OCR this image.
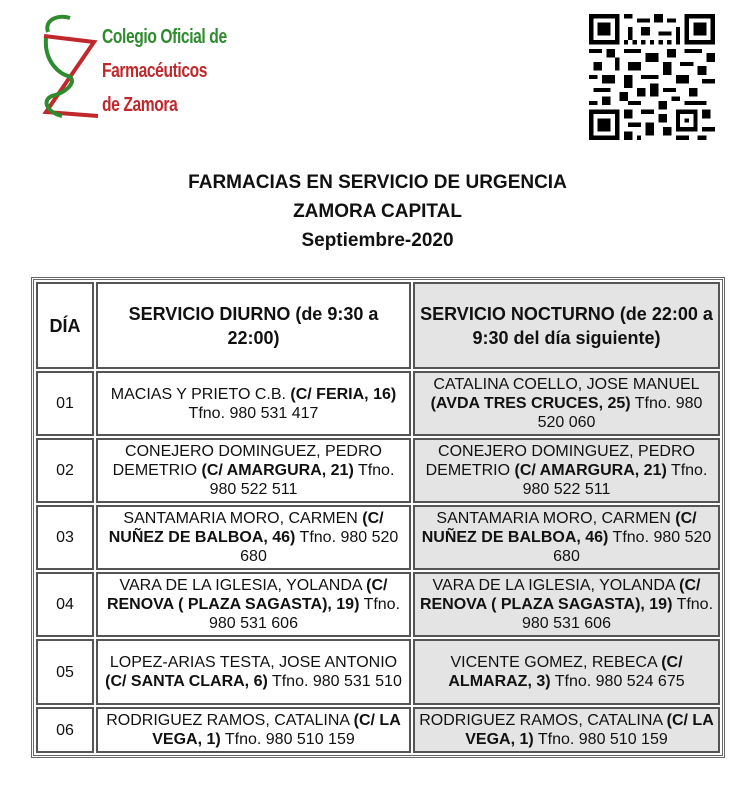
Colegio Oficial de
Farmacéuticos
de Zamora
FARMACIAS EN SERVICIO DE URGENCIA
ZAMORA CAPITAL
Septiembre-2020
DÍA	SERVICIO DIURNO (de 9:30 a 22:00)	SERVICIO NOCTURNO (de 22:00 a 9:30 del día siguiente)
01	MACIAS Y PRIETO C.B. (C/ FERIA, 16) Tfno. 980 531 417	CATALINA COELLO, JOSE MANUEL (AVDA TRES CRUCES, 25) Tfno. 980 520 060
02	CONEJERO DOMINGUEZ, PEDRO DEMETRIO (C/ AMARGURA, 21) Tfno. 980 522 511	CONEJERO DOMINGUEZ, PEDRO DEMETRIO (C/ AMARGURA, 21) Tfno. 980 522 511
03	SANTAMARIA MORO, CARMEN (C/ NUÑEZ DE BALBOA, 46) Tfno. 980 520 680	SANTAMARIA MORO, CARMEN (C/ NUÑEZ DE BALBOA, 46) Tfno. 980 520 680
04	VARA DE LA IGLESIA, YOLANDA (C/ RENOVA ( PLAZA SAGASTA), 19) Tfno. 980 531 606	VARA DE LA IGLESIA, YOLANDA (C/ RENOVA ( PLAZA SAGASTA), 19) Tfno. 980 531 606
05	LOPEZ-ARIAS TESTA, JOSE ANTONIO (C/ SANTA CLARA, 6) Tfno. 980 531 510	VICENTE GOMEZ, REBECA (C/ ALMARAZ, 3) Tfno. 980 524 675
06	RODRIGUEZ RAMOS, CATALINA (C/ LA VEGA, 1) Tfno. 980 510 159	RODRIGUEZ RAMOS, CATALINA (C/ LA VEGA, 1) Tfno. 980 510 159
